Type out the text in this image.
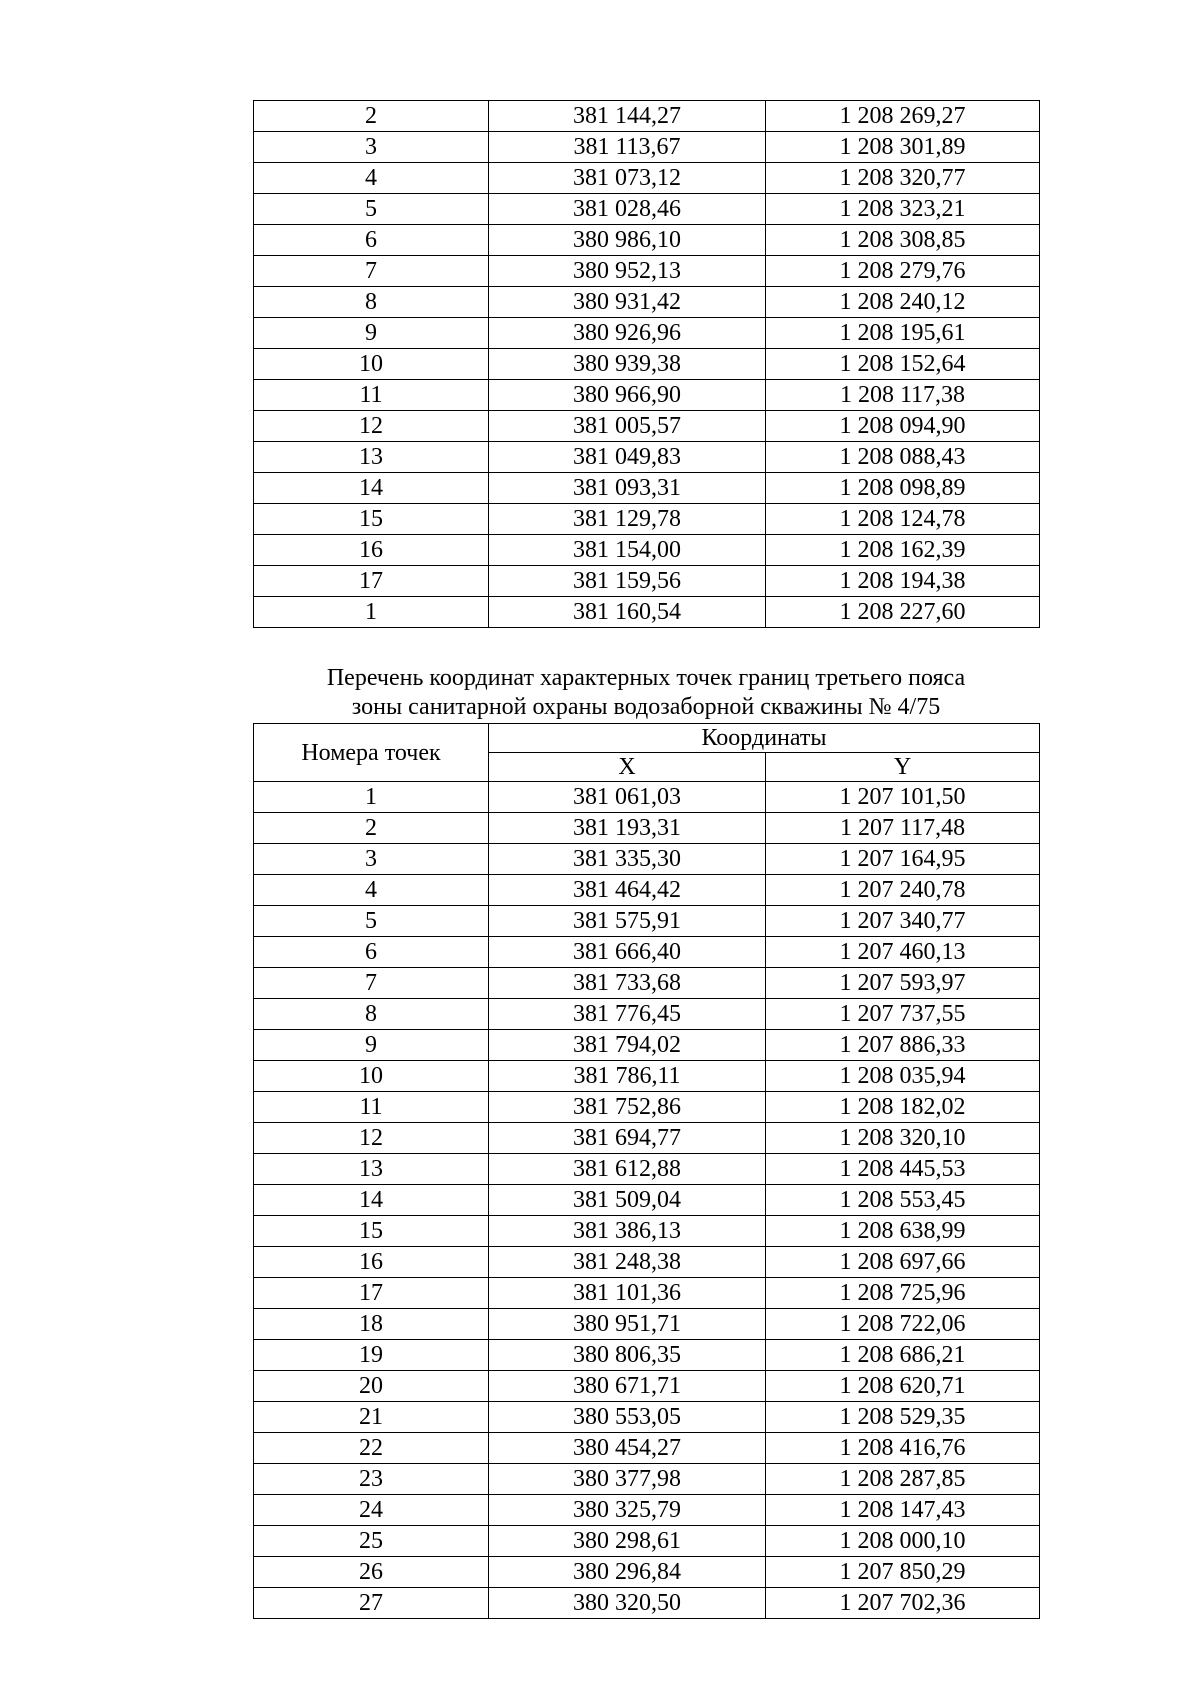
2	381 144,27	1 208 269,27
3	381 113,67	1 208 301,89
4	381 073,12	1 208 320,77
5	381 028,46	1 208 323,21
6	380 986,10	1 208 308,85
7	380 952,13	1 208 279,76
8	380 931,42	1 208 240,12
9	380 926,96	1 208 195,61
10	380 939,38	1 208 152,64
11	380 966,90	1 208 117,38
12	381 005,57	1 208 094,90
13	381 049,83	1 208 088,43
14	381 093,31	1 208 098,89
15	381 129,78	1 208 124,78
16	381 154,00	1 208 162,39
17	381 159,56	1 208 194,38
1	381 160,54	1 208 227,60
Перечень координат характерных точек границ третьего пояса
зоны санитарной охраны водозаборной скважины № 4/75
Номера точек	Координаты	
	X	Y
1	381 061,03	1 207 101,50
2	381 193,31	1 207 117,48
3	381 335,30	1 207 164,95
4	381 464,42	1 207 240,78
5	381 575,91	1 207 340,77
6	381 666,40	1 207 460,13
7	381 733,68	1 207 593,97
8	381 776,45	1 207 737,55
9	381 794,02	1 207 886,33
10	381 786,11	1 208 035,94
11	381 752,86	1 208 182,02
12	381 694,77	1 208 320,10
13	381 612,88	1 208 445,53
14	381 509,04	1 208 553,45
15	381 386,13	1 208 638,99
16	381 248,38	1 208 697,66
17	381 101,36	1 208 725,96
18	380 951,71	1 208 722,06
19	380 806,35	1 208 686,21
20	380 671,71	1 208 620,71
21	380 553,05	1 208 529,35
22	380 454,27	1 208 416,76
23	380 377,98	1 208 287,85
24	380 325,79	1 208 147,43
25	380 298,61	1 208 000,10
26	380 296,84	1 207 850,29
27	380 320,50	1 207 702,36
